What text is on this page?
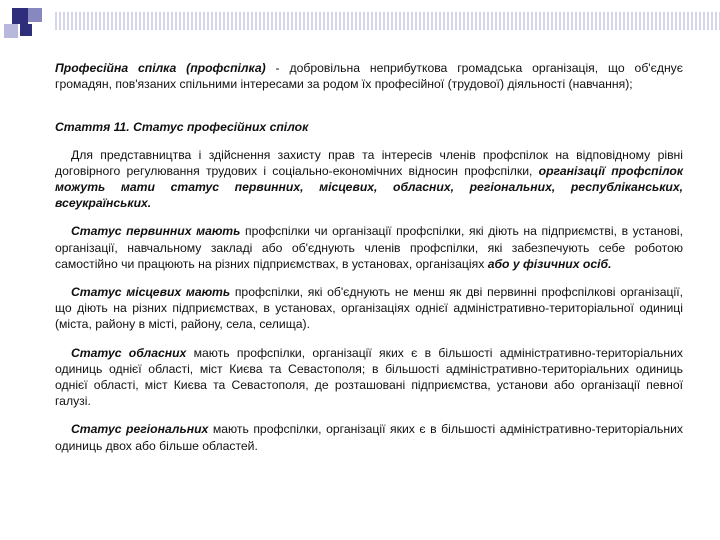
Професійна спілка (профспілка) - добровільна неприбуткова громадська організація, що об'єднує громадян, пов'язаних спільними інтересами за родом їх професійної (трудової) діяльності (навчання);

Стаття 11. Статус професійних спілок

Для представництва і здійснення захисту прав та інтересів членів профспілок на відповідному рівні договірного регулювання трудових і соціально-економічних відносин профспілки, організації профспілок можуть мати статус первинних, місцевих, обласних, регіональних, республіканських, всеукраїнських.

Статус первинних мають профспілки чи організації профспілки, які діють на підприємстві, в установі, організації, навчальному закладі або об'єднують членів профспілки, які забезпечують себе роботою самостійно чи працюють на різних підприємствах, в установах, організаціях або у фізичних осіб.

Статус місцевих мають профспілки, які об'єднують не менш як дві первинні профспілкові організації, що діють на різних підприємствах, в установах, організаціях однієї адміністративно-територіальної одиниці (міста, району в місті, району, села, селища).

Статус обласних мають профспілки, організації яких є в більшості адміністративно-територіальних одиниць однієї області, міст Києва та Севастополя; в більшості адміністративно-територіальних одиниць однієї області, міст Києва та Севастополя, де розташовані підприємства, установи або організації певної галузі.

Статус регіональних мають профспілки, організації яких є в більшості адміністративно-територіальних одиниць двох або більше областей.
